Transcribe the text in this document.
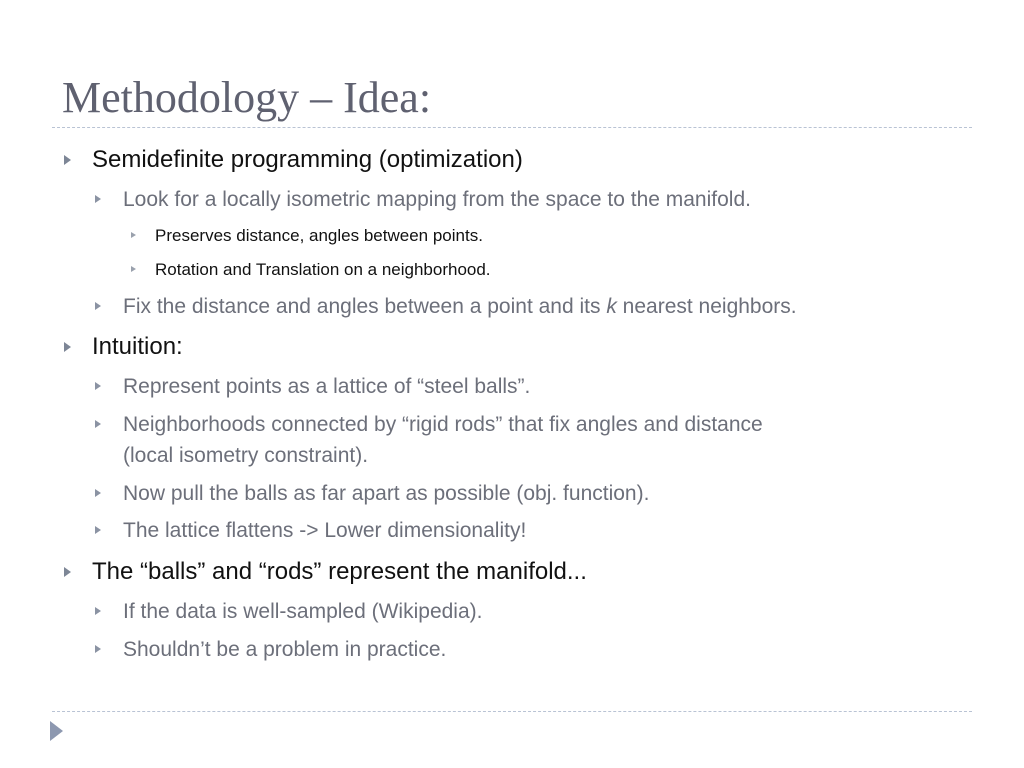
Methodology – Idea:
Semidefinite programming (optimization)
Look for a locally isometric mapping from the space to the manifold.
Preserves distance, angles between points.
Rotation and Translation on a neighborhood.
Fix the distance and angles between a point and its k nearest neighbors.
Intuition:
Represent points as a lattice of “steel balls”.
Neighborhoods connected by “rigid rods” that fix angles and distance
(local isometry constraint).
Now pull the balls as far apart as possible (obj. function).
The lattice flattens -> Lower dimensionality!
The “balls” and “rods” represent the manifold...
If the data is well-sampled (Wikipedia).
Shouldn’t be a problem in practice.
